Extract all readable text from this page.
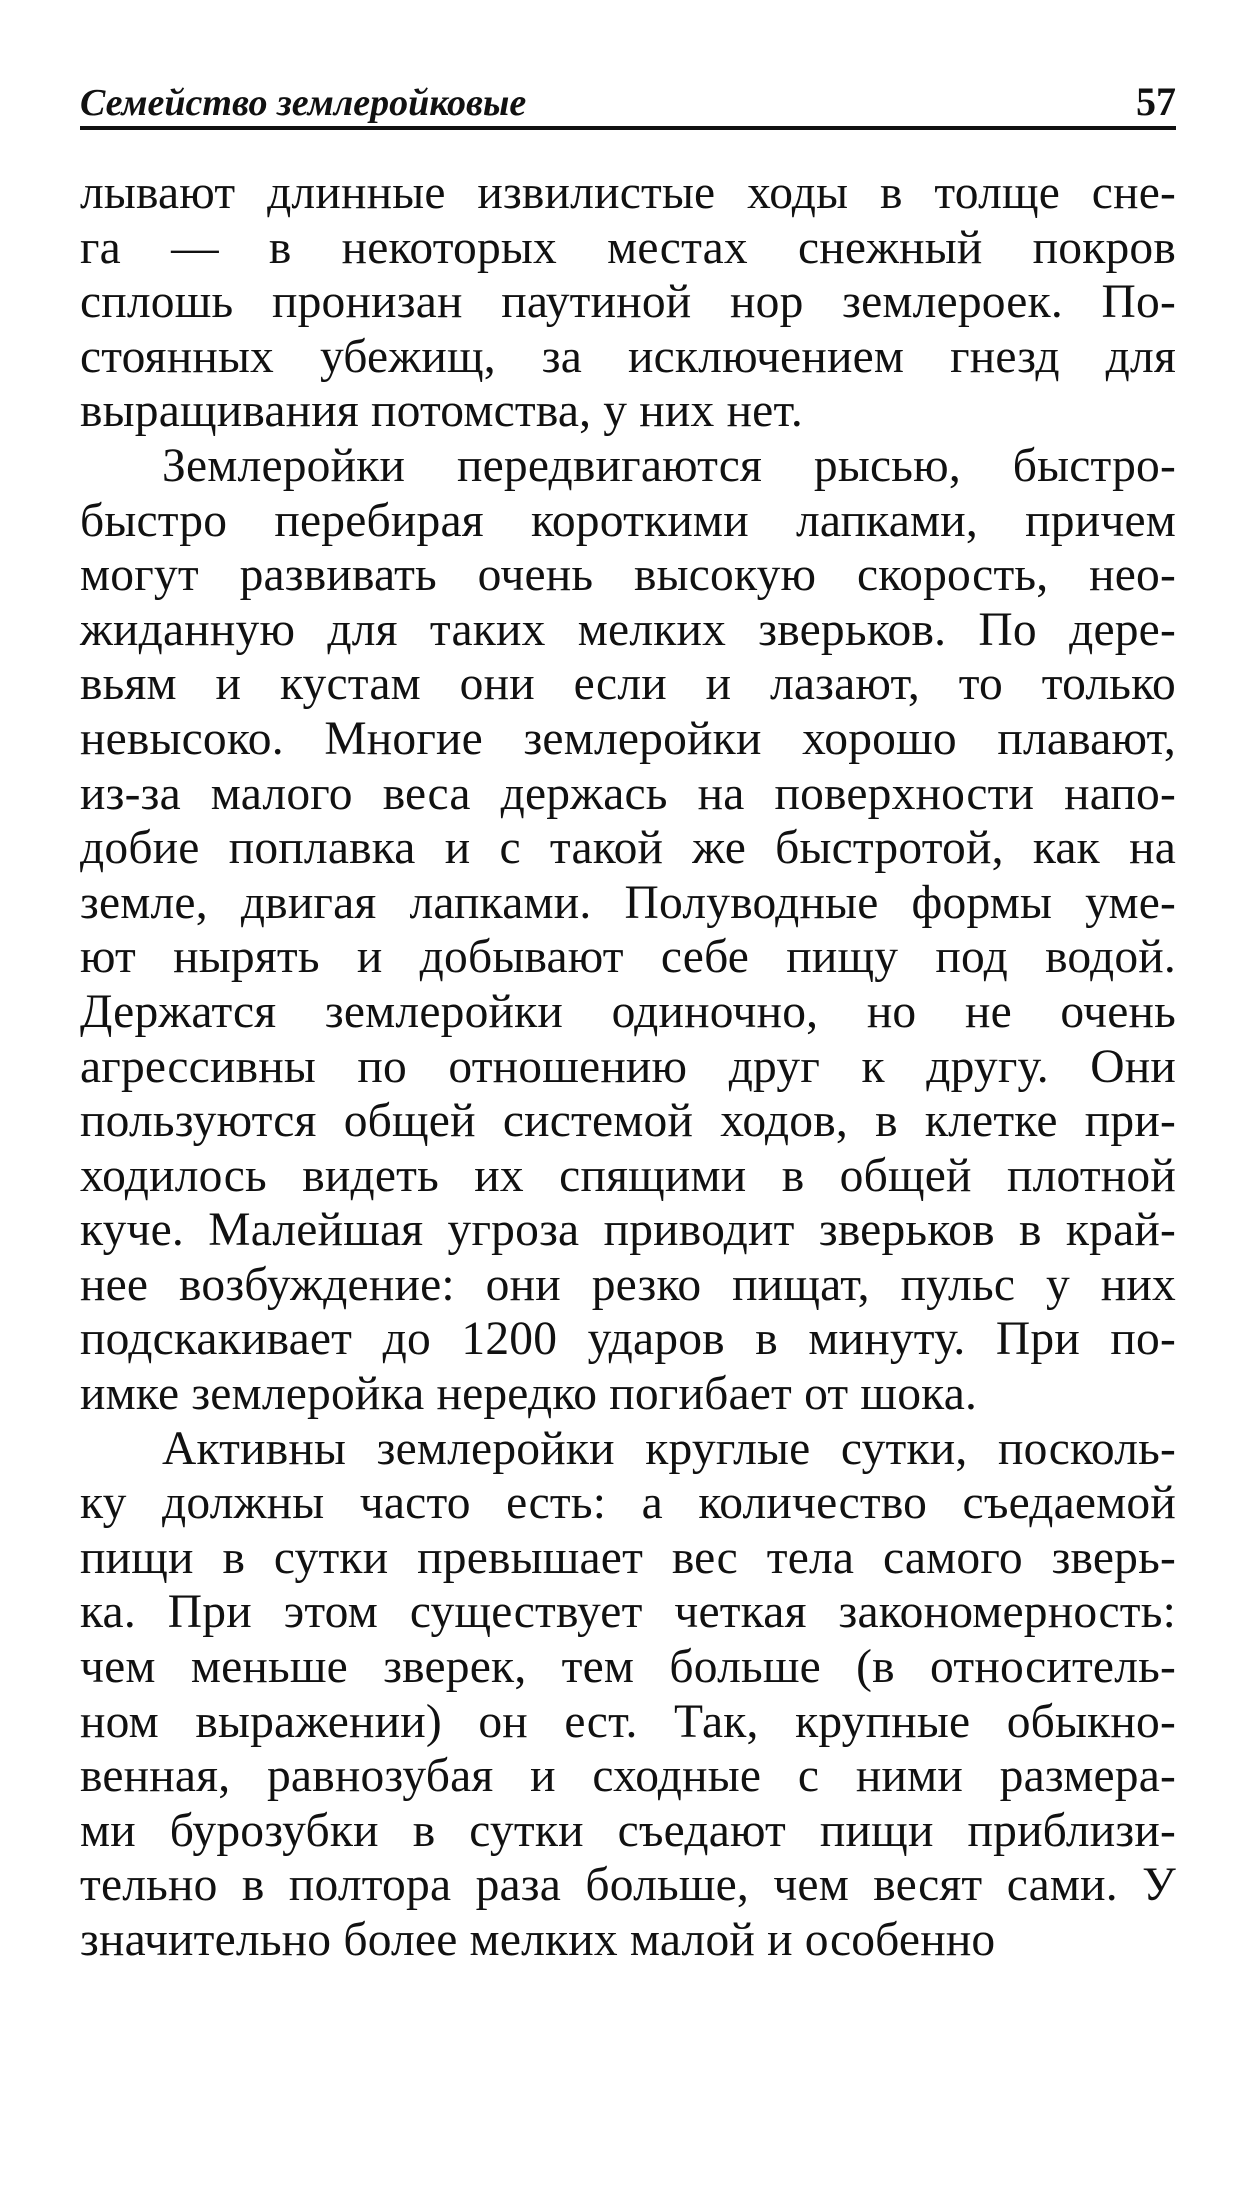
Семейство землеройковые	57
лывают длинные извилистые ходы в толще сне-
га — в некоторых местах снежный покров
сплошь пронизан паутиной нор землероек. По-
стоянных убежищ, за исключением гнезд для
выращивания потомства, у них нет.
Землеройки передвигаются рысью, быстро-
быстро перебирая короткими лапками, причем
могут развивать очень высокую скорость, нео-
жиданную для таких мелких зверьков. По дере-
вьям и кустам они если и лазают, то только
невысоко. Многие землеройки хорошо плавают,
из-за малого веса держась на поверхности напо-
добие поплавка и с такой же быстротой, как на
земле, двигая лапками. Полуводные формы уме-
ют нырять и добывают себе пищу под водой.
Держатся землеройки одиночно, но не очень
агрессивны по отношению друг к другу. Они
пользуются общей системой ходов, в клетке при-
ходилось видеть их спящими в общей плотной
куче. Малейшая угроза приводит зверьков в край-
нее возбуждение: они резко пищат, пульс у них
подскакивает до 1200 ударов в минуту. При по-
имке землеройка нередко погибает от шока.
Активны землеройки круглые сутки, посколь-
ку должны часто есть: а количество съедаемой
пищи в сутки превышает вес тела самого зверь-
ка. При этом существует четкая закономерность:
чем меньше зверек, тем больше (в относитель-
ном выражении) он ест. Так, крупные обыкно-
венная, равнозубая и сходные с ними размера-
ми бурозубки в сутки съедают пищи приблизи-
тельно в полтора раза больше, чем весят сами. У
значительно более мелких малой и особенно
